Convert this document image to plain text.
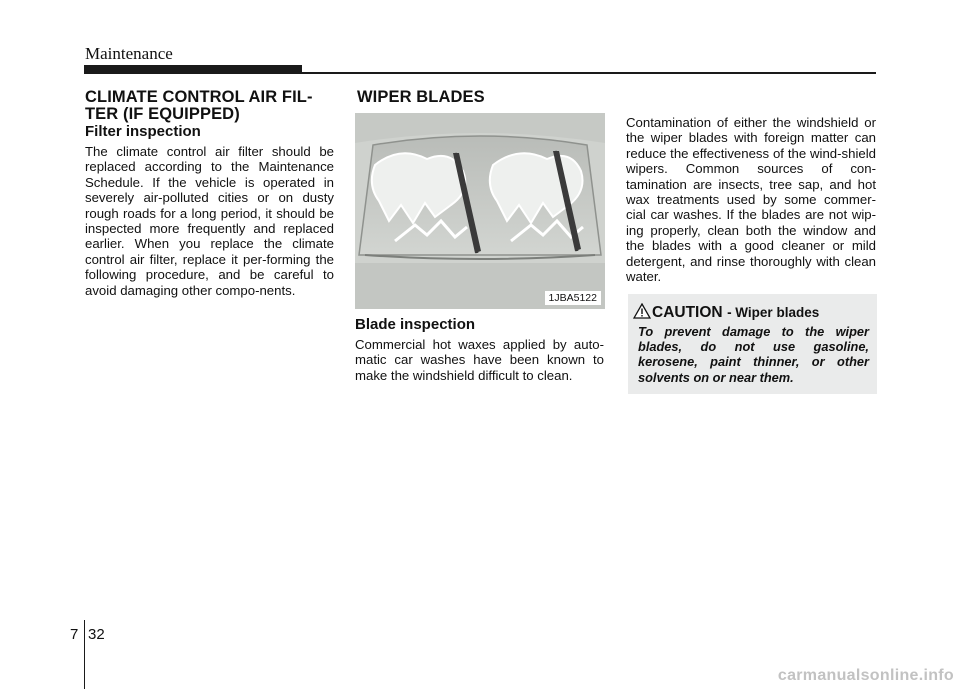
Maintenance
CLIMATE CONTROL AIR FIL-
TER (IF EQUIPPED)
Filter inspection
The climate control air filter should be replaced according to the Maintenance Schedule. If the vehicle is operated in severely air-polluted cities or on dusty rough roads for a long period, it should be inspected more frequently and replaced earlier. When you replace the climate control air filter, replace it per-forming the following procedure, and be careful to avoid damaging other compo-nents.
WIPER BLADES
1JBA5122
Blade inspection
Commercial hot waxes applied by auto-matic car washes have been known to make the windshield difficult to clean.
Contamination of either the windshield or the wiper blades with foreign matter can reduce the effectiveness of the wind-shield wipers. Common sources of con-tamination are insects, tree sap, and hot wax treatments used by some commer-cial car washes. If the blades are not wip-ing properly, clean both the window and the blades with a good cleaner or mild detergent, and rinse thoroughly with clean water.
CAUTION - Wiper blades
To prevent damage to the wiper blades, do not use gasoline, kerosene, paint thinner, or other solvents on or near them.
7 32
carmanualsonline.info
